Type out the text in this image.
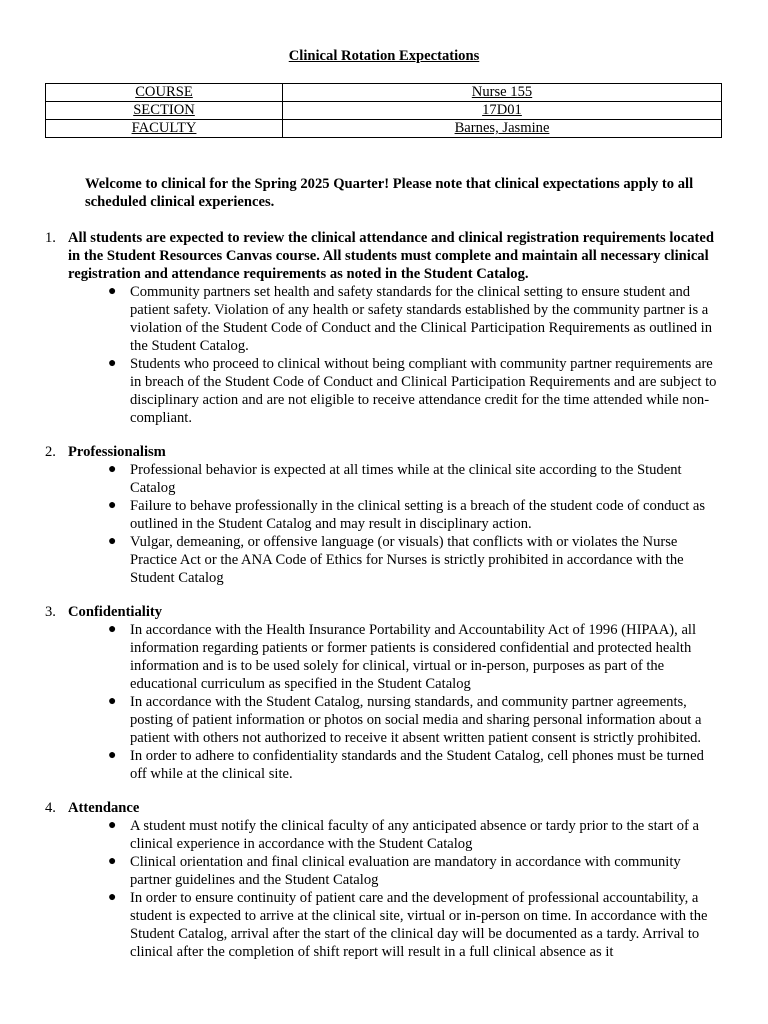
Clinical Rotation Expectations
COURSE	Nurse 155
SECTION	17D01
FACULTY	Barnes, Jasmine
Welcome to clinical for the Spring 2025 Quarter! Please note that clinical expectations apply to all scheduled clinical experiences.
1. All students are expected to review the clinical attendance and clinical registration requirements located in the Student Resources Canvas course. All students must complete and maintain all necessary clinical registration and attendance requirements as noted in the Student Catalog.
● Community partners set health and safety standards for the clinical setting to ensure student and patient safety. Violation of any health or safety standards established by the community partner is a violation of the Student Code of Conduct and the Clinical Participation Requirements as outlined in the Student Catalog.
● Students who proceed to clinical without being compliant with community partner requirements are in breach of the Student Code of Conduct and Clinical Participation Requirements and are subject to disciplinary action and are not eligible to receive attendance credit for the time attended while non-compliant.
2. Professionalism
● Professional behavior is expected at all times while at the clinical site according to the Student Catalog
● Failure to behave professionally in the clinical setting is a breach of the student code of conduct as outlined in the Student Catalog and may result in disciplinary action.
● Vulgar, demeaning, or offensive language (or visuals) that conflicts with or violates the Nurse Practice Act or the ANA Code of Ethics for Nurses is strictly prohibited in accordance with the Student Catalog
3. Confidentiality
● In accordance with the Health Insurance Portability and Accountability Act of 1996 (HIPAA), all information regarding patients or former patients is considered confidential and protected health information and is to be used solely for clinical, virtual or in-person, purposes as part of the educational curriculum as specified in the Student Catalog
● In accordance with the Student Catalog, nursing standards, and community partner agreements, posting of patient information or photos on social media and sharing personal information about a patient with others not authorized to receive it absent written patient consent is strictly prohibited.
● In order to adhere to confidentiality standards and the Student Catalog, cell phones must be turned off while at the clinical site.
4. Attendance
● A student must notify the clinical faculty of any anticipated absence or tardy prior to the start of a clinical experience in accordance with the Student Catalog
● Clinical orientation and final clinical evaluation are mandatory in accordance with community partner guidelines and the Student Catalog
● In order to ensure continuity of patient care and the development of professional accountability, a student is expected to arrive at the clinical site, virtual or in-person on time. In accordance with the Student Catalog, arrival after the start of the clinical day will be documented as a tardy. Arrival to clinical after the completion of shift report will result in a full clinical absence as it
